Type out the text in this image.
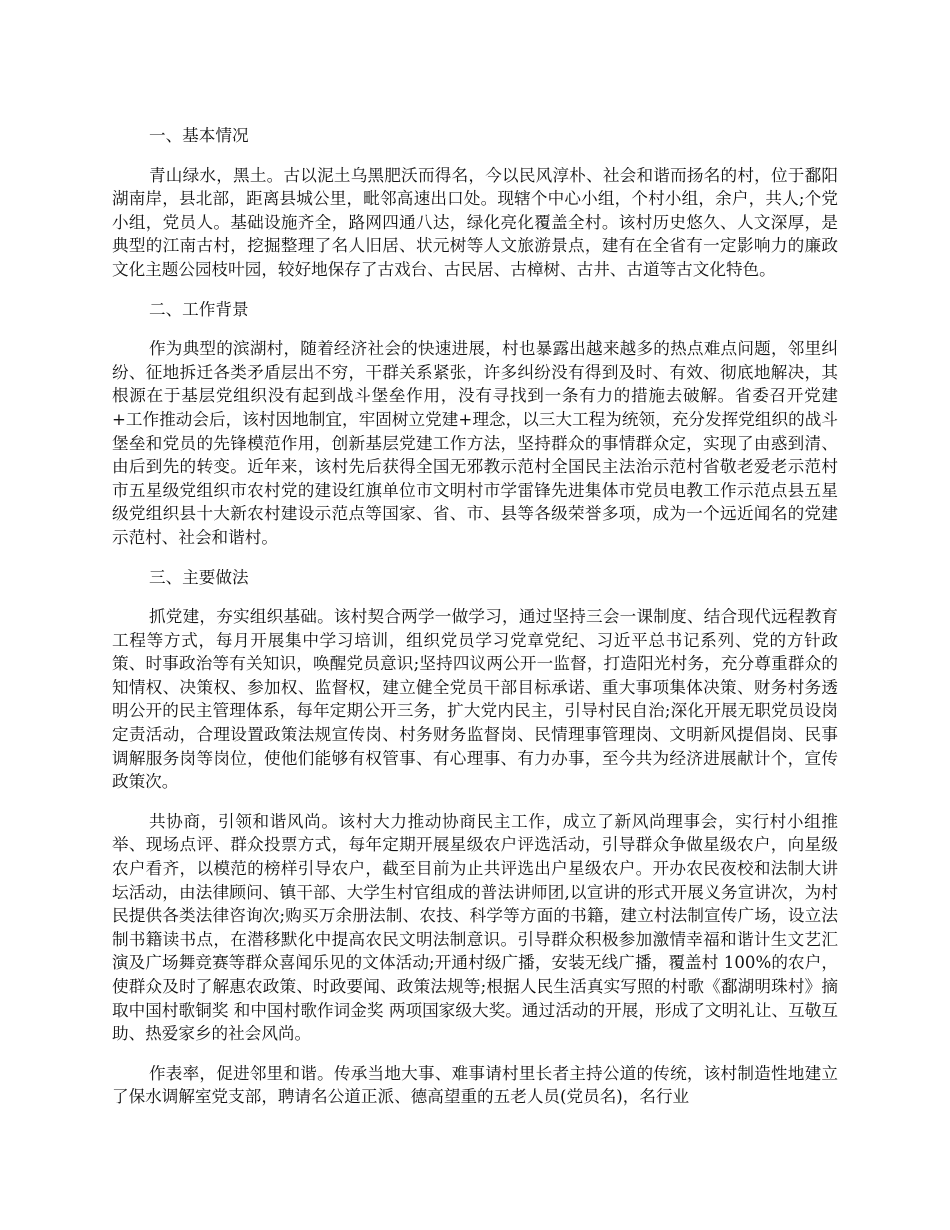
一、基本情况
青山绿水，黑土。古以泥土乌黑肥沃而得名，今以民风淳朴、社会和谐而扬名的村，位于鄱阳湖南岸，县北部，距离县城公里，毗邻高速出口处。现辖个中心小组，个村小组，余户，共人;个党小组，党员人。基础设施齐全，路网四通八达，绿化亮化覆盖全村。该村历史悠久、人文深厚，是典型的江南古村，挖掘整理了名人旧居、状元树等人文旅游景点，建有在全省有一定影响力的廉政文化主题公园枝叶园，较好地保存了古戏台、古民居、古樟树、古井、古道等古文化特色。
二、工作背景
作为典型的滨湖村，随着经济社会的快速进展，村也暴露出越来越多的热点难点问题，邻里纠纷、征地拆迁各类矛盾层出不穷，干群关系紧张，许多纠纷没有得到及时、有效、彻底地解决，其根源在于基层党组织没有起到战斗堡垒作用，没有寻找到一条有力的措施去破解。省委召开党建+工作推动会后，该村因地制宜，牢固树立党建+理念，以三大工程为统领，充分发挥党组织的战斗堡垒和党员的先锋模范作用，创新基层党建工作方法，坚持群众的事情群众定，实现了由惑到清、由后到先的转变。近年来，该村先后获得全国无邪教示范村全国民主法治示范村省敬老爱老示范村市五星级党组织市农村党的建设红旗单位市文明村市学雷锋先进集体市党员电教工作示范点县五星级党组织县十大新农村建设示范点等国家、省、市、县等各级荣誉多项，成为一个远近闻名的党建示范村、社会和谐村。
三、主要做法
抓党建，夯实组织基础。该村契合两学一做学习，通过坚持三会一课制度、结合现代远程教育工程等方式，每月开展集中学习培训，组织党员学习党章党纪、习近平总书记系列、党的方针政策、时事政治等有关知识，唤醒党员意识;坚持四议两公开一监督，打造阳光村务，充分尊重群众的知情权、决策权、参加权、监督权，建立健全党员干部目标承诺、重大事项集体决策、财务村务透明公开的民主管理体系，每年定期公开三务，扩大党内民主，引导村民自治;深化开展无职党员设岗定责活动，合理设置政策法规宣传岗、村务财务监督岗、民情理事管理岗、文明新风提倡岗、民事调解服务岗等岗位，使他们能够有权管事、有心理事、有力办事，至今共为经济进展献计个，宣传政策次。
共协商，引领和谐风尚。该村大力推动协商民主工作，成立了新风尚理事会，实行村小组推举、现场点评、群众投票方式，每年定期开展星级农户评选活动，引导群众争做星级农户，向星级农户看齐，以模范的榜样引导农户，截至目前为止共评选出户星级农户。开办农民夜校和法制大讲坛活动，由法律顾问、镇干部、大学生村官组成的普法讲师团,以宣讲的形式开展义务宣讲次，为村民提供各类法律咨询次;购买万余册法制、农技、科学等方面的书籍，建立村法制宣传广场，设立法制书籍读书点，在潜移默化中提高农民文明法制意识。引导群众积极参加激情幸福和谐计生文艺汇演及广场舞竞赛等群众喜闻乐见的文体活动;开通村级广播，安装无线广播，覆盖村 100%的农户，使群众及时了解惠农政策、时政要闻、政策法规等;根据人民生活真实写照的村歌《鄱湖明珠村》摘取中国村歌铜奖 和中国村歌作词金奖 两项国家级大奖。通过活动的开展，形成了文明礼让、互敬互助、热爱家乡的社会风尚。
作表率，促进邻里和谐。传承当地大事、难事请村里长者主持公道的传统，该村制造性地建立了保水调解室党支部，聘请名公道正派、德高望重的五老人员(党员名)，名行业
